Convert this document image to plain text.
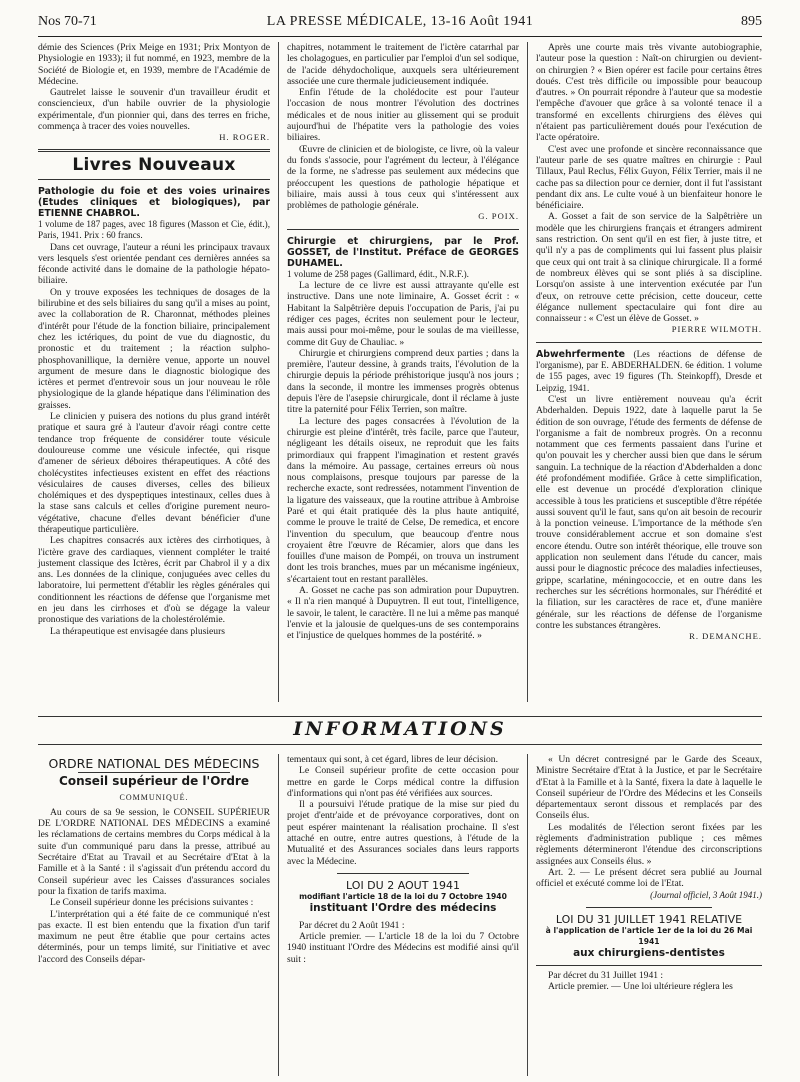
Nos 70-71	LA PRESSE MÉDICALE, 13-16 Août 1941	895

démie des Sciences (Prix Meige en 1931; Prix Montyon de Physiologie en 1933); il fut nommé, en 1923, membre de la Société de Biologie et, en 1939, membre de l'Académie de Médecine.

Gautrelet laisse le souvenir d'un travailleur érudit et consciencieux, d'un habile ouvrier de la physiologie expérimentale, d'un pionnier qui, dans des terres en friche, commença à tracer des voies nouvelles.

H. ROGER.

Livres Nouveaux

Pathologie du foie et des voies urinaires (Etudes cliniques et biologiques), par ETIENNE CHABROL.

1 volume de 187 pages, avec 18 figures (Masson et Cie, édit.), Paris, 1941. Prix : 60 francs.

Dans cet ouvrage, l'auteur a réuni les principaux travaux vers lesquels s'est orientée pendant ces dernières années sa féconde activité dans le domaine de la pathologie hépato-biliaire.

On y trouve exposées les techniques de dosages de la bilirubine et des sels biliaires du sang qu'il a mises au point, avec la collaboration de R. Charonnat, méthodes pleines d'intérêt pour l'étude de la fonction biliaire, principalement chez les ictériques, du point de vue du diagnostic, du pronostic et du traitement ; la réaction sulpho-phosphovanillique, la dernière venue, apporte un nouvel argument de mesure dans le diagnostic biologique des ictères et permet d'entrevoir sous un jour nouveau le rôle physiologique de la glande hépatique dans l'élimination des graisses.

Le clinicien y puisera des notions du plus grand intérêt pratique et saura gré à l'auteur d'avoir réagi contre cette tendance trop fréquente de considérer toute vésicule douloureuse comme une vésicule infectée, qui risque d'amener de sérieux déboires thérapeutiques. A côté des cholécystites infectieuses existent en effet des réactions vésiculaires de causes diverses, celles des bilieux cholémiques et des dyspeptiques intestinaux, celles dues à la stase sans calculs et celles d'origine purement neuro-végétative, chacune d'elles devant bénéficier d'une thérapeutique particulière.

Les chapitres consacrés aux ictères des cirrhotiques, à l'ictère grave des cardiaques, viennent compléter le traité justement classique des Ictères, écrit par Chabrol il y a dix ans. Les données de la clinique, conjuguées avec celles du laboratoire, lui permettent d'établir les règles générales qui conditionnent les réactions de défense que l'organisme met en jeu dans les cirrhoses et d'où se dégage la valeur pronostique des variations de la cholestérolémie.

La thérapeutique est envisagée dans plusieurs

chapitres, notamment le traitement de l'ictère catarrhal par les cholagogues, en particulier par l'emploi d'un sel sodique, de l'acide déhydocholique, auxquels sera ultérieurement associée une cure thermale judicieusement indiquée.

Enfin l'étude de la cholédocite est pour l'auteur l'occasion de nous montrer l'évolution des doctrines médicales et de nous initier au glissement qui se produit aujourd'hui de l'hépatite vers la pathologie des voies biliaires.

Œuvre de clinicien et de biologiste, ce livre, où la valeur du fonds s'associe, pour l'agrément du lecteur, à l'élégance de la forme, ne s'adresse pas seulement aux médecins que préoccupent les questions de pathologie hépatique et biliaire, mais aussi à tous ceux qui s'intéressent aux problèmes de pathologie générale.

G. POIX.

Chirurgie et chirurgiens, par le Prof. GOSSET, de l'Institut. Préface de GEORGES DUHAMEL.

1 volume de 258 pages (Gallimard, édit., N.R.F.).

La lecture de ce livre est aussi attrayante qu'elle est instructive. Dans une note liminaire, A. Gosset écrit : « Habitant la Salpêtrière depuis l'occupation de Paris, j'ai pu rédiger ces pages, écrites non seulement pour le lecteur, mais aussi pour moi-même, pour le soulas de ma vieillesse, comme dit Guy de Chauliac. »

Chirurgie et chirurgiens comprend deux parties ; dans la première, l'auteur dessine, à grands traits, l'évolution de la chirurgie depuis la période préhistorique jusqu'à nos jours ; dans la seconde, il montre les immenses progrès obtenus depuis l'ère de l'asepsie chirurgicale, dont il réclame à juste titre la paternité pour Félix Terrien, son maître.

La lecture des pages consacrées à l'évolution de la chirurgie est pleine d'intérêt, très facile, parce que l'auteur, négligeant les détails oiseux, ne reproduit que les faits primordiaux qui frappent l'imagination et restent gravés dans la mémoire. Au passage, certaines erreurs où nous nous complaisons, presque toujours par paresse de la recherche exacte, sont redressées, notamment l'invention de la ligature des vaisseaux, que la routine attribue à Ambroise Paré et qui était pratiquée dès la plus haute antiquité, comme le prouve le traité de Celse, De remedica, et encore l'invention du speculum, que beaucoup d'entre nous croyaient être l'œuvre de Récamier, alors que dans les fouilles d'une maison de Pompéi, on trouva un instrument dont les trois branches, mues par un mécanisme ingénieux, s'écartaient tout en restant parallèles.

A. Gosset ne cache pas son admiration pour Dupuytren. « Il n'a rien manqué à Dupuytren. Il eut tout, l'intelligence, le savoir, le talent, le caractère. Il ne lui a même pas manqué l'envie et la jalousie de quelques-uns de ses contemporains et l'injustice de quelques hommes de la postérité. »

Après une courte mais très vivante autobiographie, l'auteur pose la question : Naît-on chirurgien ou devient-on chirurgien ? « Bien opérer est facile pour certains êtres doués. C'est très difficile ou impossible pour beaucoup d'autres. » On pourrait répondre à l'auteur que sa modestie l'empêche d'avouer que grâce à sa volonté tenace il a transformé en excellents chirurgiens des élèves qui n'étaient pas particulièrement doués pour l'exécution de l'acte opératoire.

C'est avec une profonde et sincère reconnaissance que l'auteur parle de ses quatre maîtres en chirurgie : Paul Tillaux, Paul Reclus, Félix Guyon, Félix Terrier, mais il ne cache pas sa dilection pour ce dernier, dont il fut l'assistant pendant dix ans. Le culte voué à un bienfaiteur honore le bénéficiaire.

A. Gosset a fait de son service de la Salpêtrière un modèle que les chirurgiens français et étrangers admirent sans restriction. On sent qu'il en est fier, à juste titre, et qu'il n'y a pas de compliments qui lui fassent plus plaisir que ceux qui ont trait à sa clinique chirurgicale. Il a formé de nombreux élèves qui se sont pliés à sa discipline. Lorsqu'on assiste à une intervention exécutée par l'un d'eux, on retrouve cette précision, cette douceur, cette élégance nullement spectaculaire qui font dire au connaisseur : « C'est un élève de Gosset. »

PIERRE WILMOTH.

Abwehrfermente (Les réactions de défense de l'organisme), par E. ABDERHALDEN. 6e édition. 1 volume de 155 pages, avec 19 figures (Th. Steinkopff), Dresde et Leipzig, 1941.

C'est un livre entièrement nouveau qu'a écrit Abderhalden. Depuis 1922, date à laquelle parut la 5e édition de son ouvrage, l'étude des ferments de défense de l'organisme a fait de nombreux progrès. On a reconnu notamment que ces ferments passaient dans l'urine et qu'on pouvait les y chercher aussi bien que dans le sérum sanguin. La technique de la réaction d'Abderhalden a donc été profondément modifiée. Grâce à cette simplification, elle est devenue un procédé d'exploration clinique accessible à tous les praticiens et susceptible d'être répétée aussi souvent qu'il le faut, sans qu'on ait besoin de recourir à la ponction veineuse. L'importance de la méthode s'en trouve considérablement accrue et son domaine s'est encore étendu. Outre son intérêt théorique, elle trouve son application non seulement dans l'étude du cancer, mais aussi pour le diagnostic précoce des maladies infectieuses, grippe, scarlatine, méningococcie, et en outre dans les recherches sur les sécrétions hormonales, sur l'hérédité et la filiation, sur les caractères de race et, d'une manière générale, sur les réactions de défense de l'organisme contre les substances étrangères.

R. DEMANCHE.

INFORMATIONS
ORDRE NATIONAL DES MÉDECINS
Conseil supérieur de l'Ordre
COMMUNIQUÉ.

Au cours de sa 9e session, le CONSEIL SUPÉRIEUR DE L'ORDRE NATIONAL DES MÉDECINS a examiné les réclamations de certains membres du Corps médical à la suite d'un communiqué paru dans la presse, attribué au Secrétaire d'Etat au Travail et au Secrétaire d'Etat à la Famille et à la Santé : il s'agissait d'un prétendu accord du Conseil supérieur avec les Caisses d'assurances sociales pour la fixation de tarifs maxima.

Le Conseil supérieur donne les précisions suivantes :

L'interprétation qui a été faite de ce communiqué n'est pas exacte. Il est bien entendu que la fixation d'un tarif maximum ne peut être établie que pour certains actes déterminés, pour un temps limité, sur l'initiative et avec l'accord des Conseils dépar-

tementaux qui sont, à cet égard, libres de leur décision.

Le Conseil supérieur profite de cette occasion pour mettre en garde le Corps médical contre la diffusion d'informations qui n'ont pas été vérifiées aux sources.

Il a poursuivi l'étude pratique de la mise sur pied du projet d'entr'aide et de prévoyance corporatives, dont on peut espérer maintenant la réalisation prochaine. Il s'est attaché en outre, entre autres questions, à l'étude de la Mutualité et des Assurances sociales dans leurs rapports avec la Médecine.

LOI DU 2 AOUT 1941
modifiant l'article 18 de la loi du 7 Octobre 1940
instituant l'Ordre des médecins

Par décret du 2 Août 1941 :

Article premier. — L'article 18 de la loi du 7 Octobre 1940 instituant l'Ordre des Médecins est modifié ainsi qu'il suit :

« Un décret contresigné par le Garde des Sceaux, Ministre Secrétaire d'Etat à la Justice, et par le Secrétaire d'Etat à la Famille et à la Santé, fixera la date à laquelle le Conseil supérieur de l'Ordre des Médecins et les Conseils départementaux seront dissous et remplacés par des Conseils élus.

Les modalités de l'élection seront fixées par les règlements d'administration publique ; ces mêmes règlements détermineront l'étendue des circonscriptions assignées aux Conseils élus. »

Art. 2. — Le présent décret sera publié au Journal officiel et exécuté comme loi de l'Etat.

(Journal officiel, 3 Août 1941.)

LOI DU 31 JUILLET 1941 RELATIVE
à l'application de l'article 1er de la loi du 26 Mai 1941
aux chirurgiens-dentistes

Par décret du 31 Juillet 1941 :

Article premier. — Une loi ultérieure réglera les
